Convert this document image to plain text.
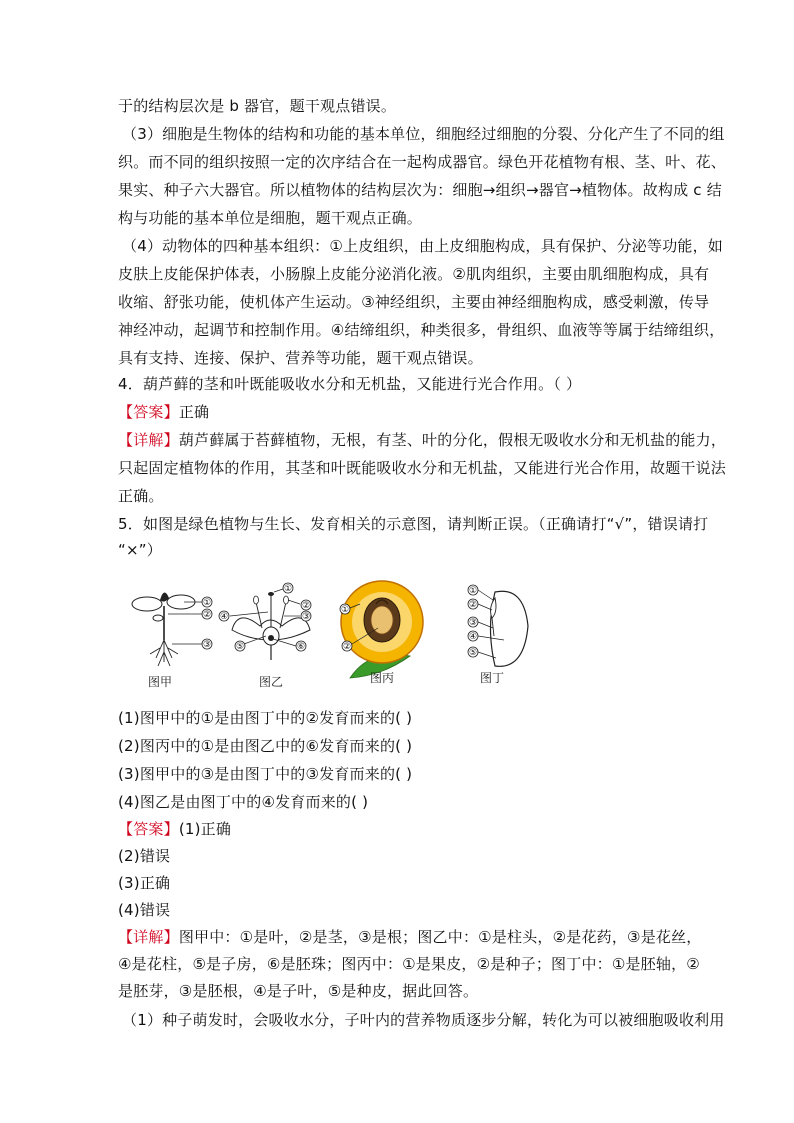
于的结构层次是 b 器官，题干观点错误。
（3）细胞是生物体的结构和功能的基本单位，细胞经过细胞的分裂、分化产生了不同的组
织。而不同的组织按照一定的次序结合在一起构成器官。绿色开花植物有根、茎、叶、花、
果实、种子六大器官。所以植物体的结构层次为：细胞→组织→器官→植物体。故构成 c 结
构与功能的基本单位是细胞，题干观点正确。
（4）动物体的四种基本组织：①上皮组织，由上皮细胞构成，具有保护、分泌等功能，如
皮肤上皮能保护体表，小肠腺上皮能分泌消化液。②肌肉组织，主要由肌细胞构成，具有
收缩、舒张功能，使机体产生运动。③神经组织，主要由神经细胞构成，感受刺激，传导
神经冲动，起调节和控制作用。④结缔组织，种类很多，骨组织、血液等等属于结缔组织，
具有支持、连接、保护、营养等功能，题干观点错误。
4．葫芦藓的茎和叶既能吸收水分和无机盐，又能进行光合作用。（ ）
【答案】正确
【详解】葫芦藓属于苔藓植物，无根，有茎、叶的分化，假根无吸收水分和无机盐的能力，
只起固定植物体的作用，其茎和叶既能吸收水分和无机盐，又能进行光合作用，故题干说法
正确。
5．如图是绿色植物与生长、发育相关的示意图，请判断正误。（正确请打“√”，错误请打
“×”）
①
②
③
①
②
③
④
⑤	⑥
①
②
①
②
③
④
⑤
图甲	图乙	图丙	图丁
(1)图甲中的①是由图丁中的②发育而来的( )
(2)图丙中的①是由图乙中的⑥发育而来的( )
(3)图甲中的③是由图丁中的③发育而来的( )
(4)图乙是由图丁中的④发育而来的( )
【答案】(1)正确
(2)错误
(3)正确
(4)错误
【详解】图甲中：①是叶，②是茎，③是根；图乙中：①是柱头，②是花药，③是花丝，
④是花柱，⑤是子房，⑥是胚珠；图丙中：①是果皮，②是种子；图丁中：①是胚轴，②
是胚芽，③是胚根，④是子叶，⑤是种皮，据此回答。
（1）种子萌发时，会吸收水分，子叶内的营养物质逐步分解，转化为可以被细胞吸收利用
